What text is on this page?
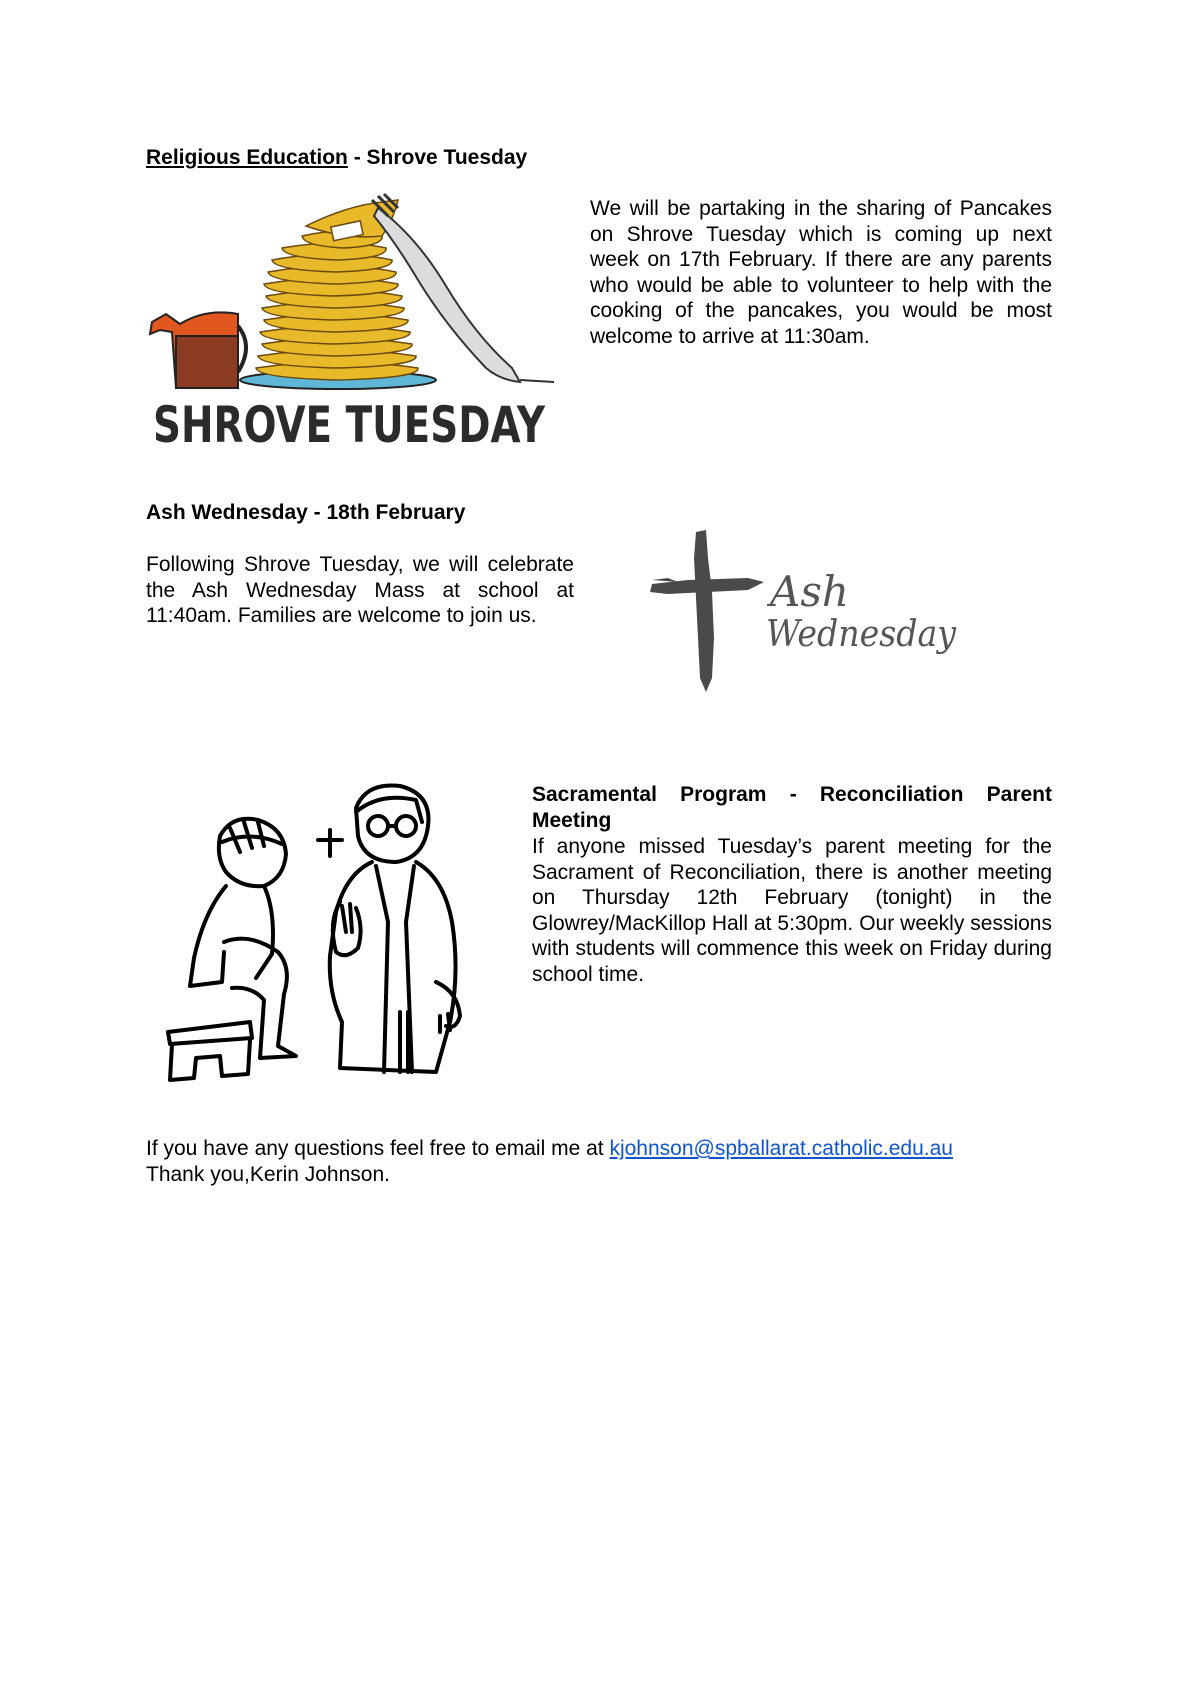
Religious Education - Shrove Tuesday
SHROVE TUESDAY
We will be partaking in the sharing of Pancakes on Shrove Tuesday which is coming up next week on 17th February. If there are any parents who would be able to volunteer to help with the cooking of the pancakes, you would be most welcome to arrive at 11:30am.
Ash Wednesday - 18th February
Following Shrove Tuesday, we will celebrate the Ash Wednesday Mass at school at 11:40am. Families are welcome to join us.	Ash
Wednesday
Sacramental Program - Reconciliation Parent Meeting
If anyone missed Tuesday’s parent meeting for the Sacrament of Reconciliation, there is another meeting on Thursday 12th February (tonight) in the Glowrey/MacKillop Hall at 5:30pm. Our weekly sessions with students will commence this week on Friday during school time.
If you have any questions feel free to email me at kjohnson@spballarat.catholic.edu.au
Thank you,Kerin Johnson.
